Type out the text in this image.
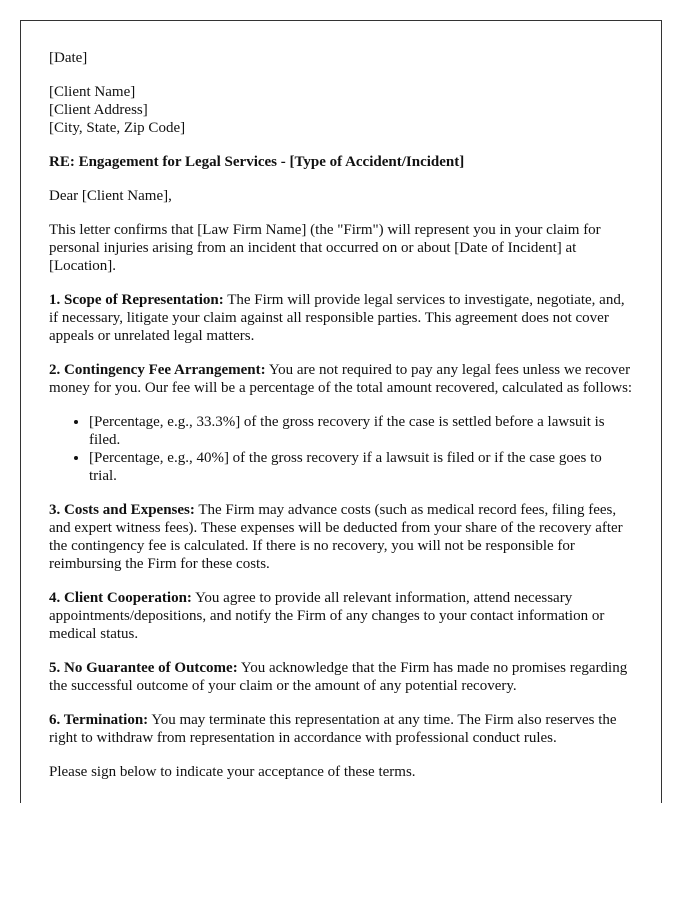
[Date]

[Client Name]
[Client Address]
[City, State, Zip Code]

RE: Engagement for Legal Services - [Type of Accident/Incident]

Dear [Client Name],

This letter confirms that [Law Firm Name] (the "Firm") will represent you in your claim for personal injuries arising from an incident that occurred on or about [Date of Incident] at [Location].

1. Scope of Representation: The Firm will provide legal services to investigate, negotiate, and, if necessary, litigate your claim against all responsible parties. This agreement does not cover appeals or unrelated legal matters.

2. Contingency Fee Arrangement: You are not required to pay any legal fees unless we recover money for you. Our fee will be a percentage of the total amount recovered, calculated as follows:

• [Percentage, e.g., 33.3%] of the gross recovery if the case is settled before a lawsuit is filed.
• [Percentage, e.g., 40%] of the gross recovery if a lawsuit is filed or if the case goes to trial.

3. Costs and Expenses: The Firm may advance costs (such as medical record fees, filing fees, and expert witness fees). These expenses will be deducted from your share of the recovery after the contingency fee is calculated. If there is no recovery, you will not be responsible for reimbursing the Firm for these costs.

4. Client Cooperation: You agree to provide all relevant information, attend necessary appointments/depositions, and notify the Firm of any changes to your contact information or medical status.

5. No Guarantee of Outcome: You acknowledge that the Firm has made no promises regarding the successful outcome of your claim or the amount of any potential recovery.

6. Termination: You may terminate this representation at any time. The Firm also reserves the right to withdraw from representation in accordance with professional conduct rules.

Please sign below to indicate your acceptance of these terms.
